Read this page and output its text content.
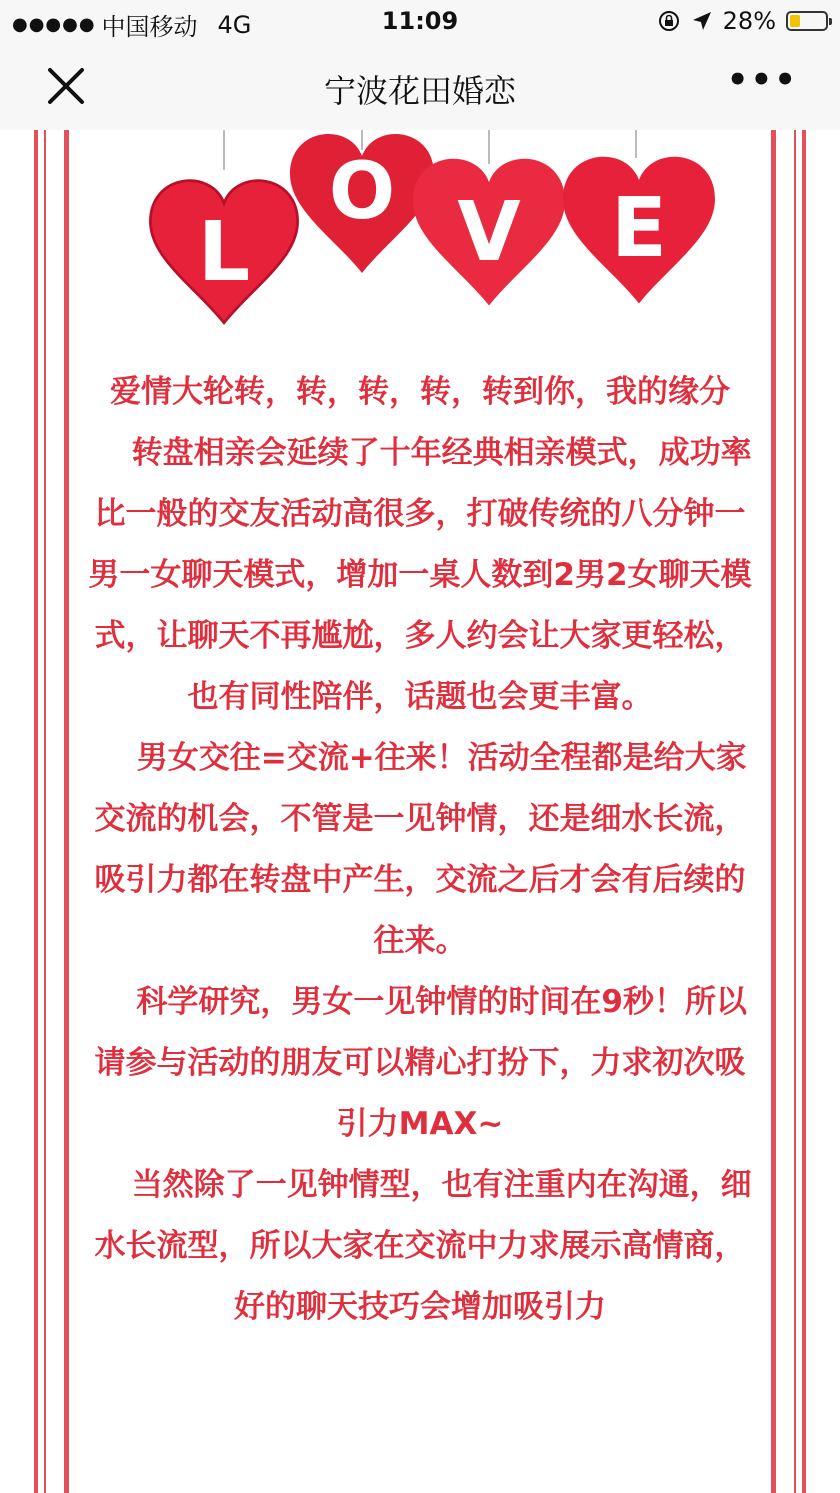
●●●●● 中国移动 4G	11:09	28%
宁波花田婚恋	•••
L
O V E

爱情大轮转，转，转，转，转到你，我的缘分

转盘相亲会延续了十年经典相亲模式，成功率比一般的交友活动高很多，打破传统的八分钟一男一女聊天模式，增加一桌人数到2男2女聊天模式，让聊天不再尴尬，多人约会让大家更轻松，也有同性陪伴，话题也会更丰富。

男女交往=交流+往来！活动全程都是给大家交流的机会，不管是一见钟情，还是细水长流，吸引力都在转盘中产生，交流之后才会有后续的往来。

科学研究，男女一见钟情的时间在9秒！所以请参与活动的朋友可以精心打扮下，力求初次吸引力MAX~

当然除了一见钟情型，也有注重内在沟通，细水长流型，所以大家在交流中力求展示高情商，好的聊天技巧会增加吸引力
